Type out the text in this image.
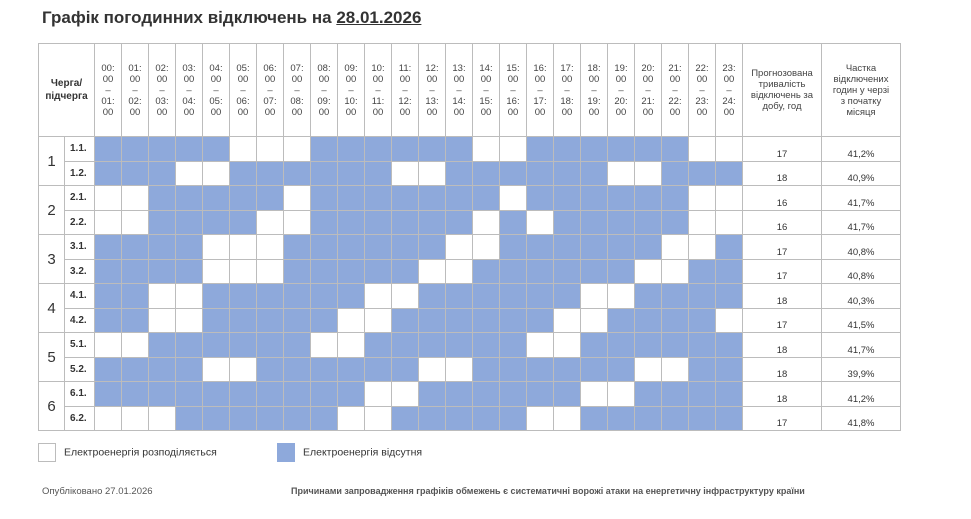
Графік погодинних відключень на 28.01.2026
Черга/
підчерга		00:
00
–
01:
00	01:
00
–
02:
00	02:
00
–
03:
00	03:
00
–
04:
00	04:
00
–
05:
00	05:
00
–
06:
00	06:
00
–
07:
00	07:
00
–
08:
00	08:
00
–
09:
00	09:
00
–
10:
00	10:
00
–
11:
00	11:
00
–
12:
00	12:
00
–
13:
00	13:
00
–
14:
00	14:
00
–
15:
00	15:
00
–
16:
00	16:
00
–
17:
00	17:
00
–
18:
00	18:
00
–
19:
00	19:
00
–
20:
00	20:
00
–
21:
00	21:
00
–
22:
00	22:
00
–
23:
00	23:
00
–
24:
00	Прогнозована
тривалість
відключень за
добу, год	Частка
відключених
годин у черзі
з початку
місяця
1	1.1.																									17	41,2%
	1.2.																									18	40,9%
2	2.1.																									16	41,7%
	2.2.																									16	41,7%
3	3.1.																									17	40,8%
	3.2.																									17	40,8%
4	4.1.																									18	40,3%
	4.2.																									17	41,5%
5	5.1.																									18	41,7%
	5.2.																									18	39,9%
6	6.1.																									18	41,2%
	6.2.																									17	41,8%
Електроенергія розподіляється	Електроенергія відсутня
Опубліковано 27.01.2026	Причинами запровадження графіків обмежень є систематичні ворожі атаки на енергетичну інфраструктуру країни
